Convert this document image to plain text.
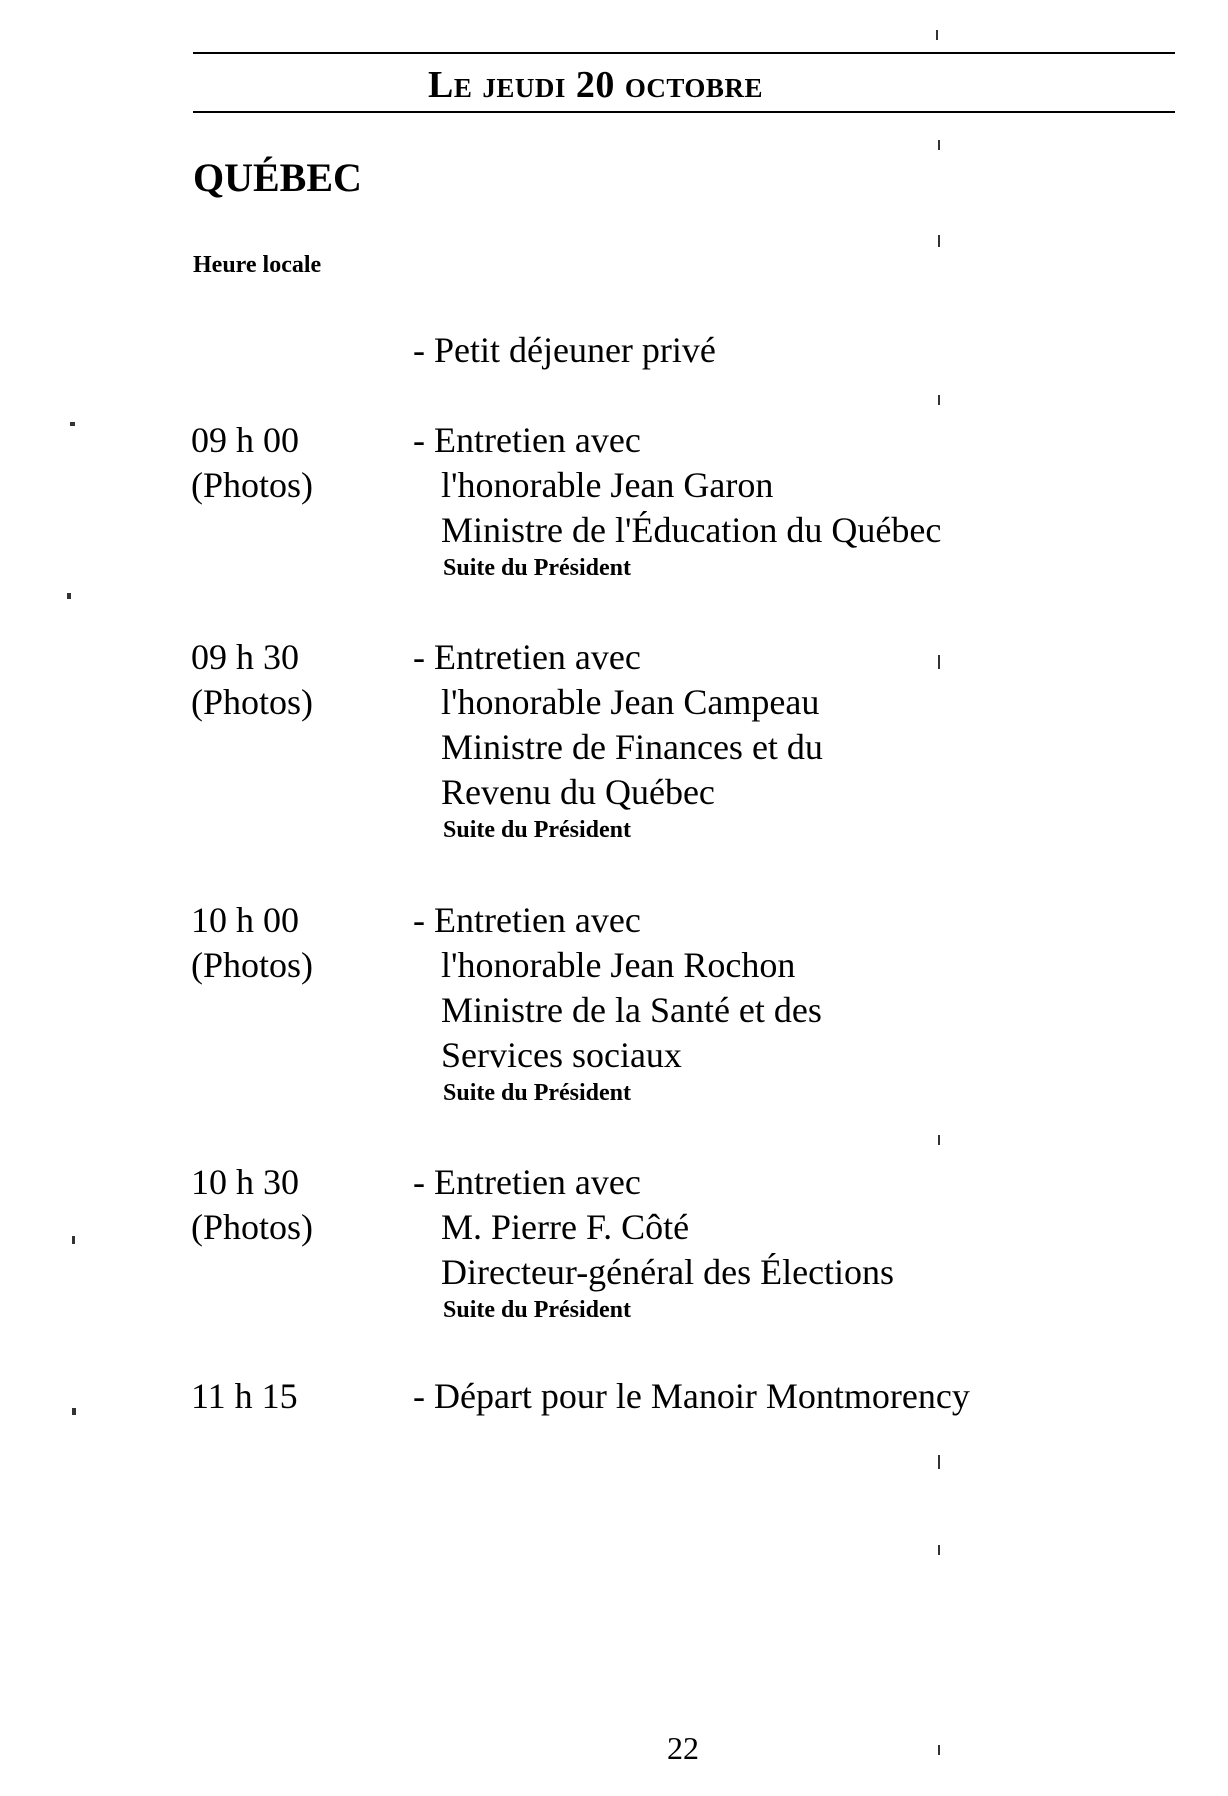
Le jeudi 20 octobre
QUÉBEC
Heure locale
- Petit déjeuner privé
09 h 00
(Photos)
- Entretien avec
l'honorable Jean Garon
Ministre de l'Éducation du Québec
Suite du Président
09 h 30
(Photos)
- Entretien avec
l'honorable Jean Campeau
Ministre de Finances et du
Revenu du Québec
Suite du Président
10 h 00
(Photos)
- Entretien avec
l'honorable Jean Rochon
Ministre de la Santé et des
Services sociaux
Suite du Président
10 h 30
(Photos)
- Entretien avec
M. Pierre F. Côté
Directeur-général des Élections
Suite du Président
11 h 15	- Départ pour le Manoir Montmorency
22
